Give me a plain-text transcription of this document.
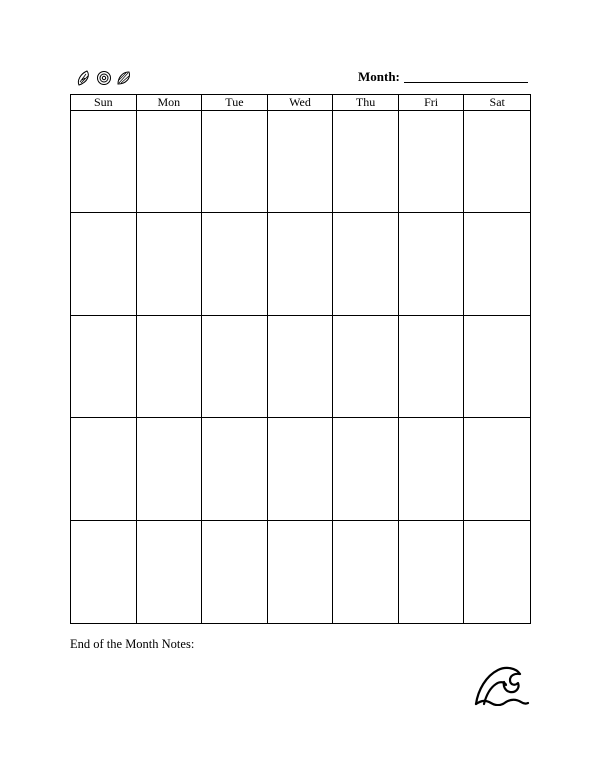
Month:
Sun	Mon	Tue	Wed	Thu	Fri	Sat
End of the Month Notes:
